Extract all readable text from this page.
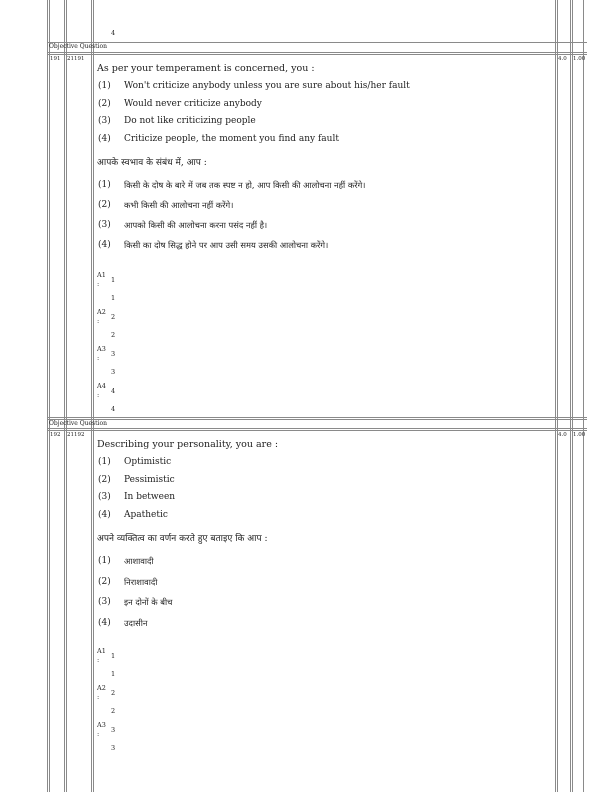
4
Objective Question
191 21191	4.0 1.00
As per your temperament is concerned, you :
(1) Won't criticize anybody unless you are sure about his/her fault
(2) Would never criticize anybody
(3) Do not like criticizing people
(4) Criticize people, the moment you find any fault
आपके स्वभाव के संबंध में, आप :
(1) किसी के दोष के बारे में जब तक स्पष्ट न हो, आप किसी की आलोचना नहीं करेंगे।
(2) कभी किसी की आलोचना नहीं करेंगे।
(3) आपको किसी की आलोचना करना पसंद नहीं है।
(4) किसी का दोष सिद्ध होने पर आप उसी समय उसकी आलोचना करेंगे।
A1
: 1
1
A2
: 2
2
A3
: 3
3
A4
: 4
4
Objective Question
192 21192	4.0 1.00
Describing your personality, you are :
(1) Optimistic
(2) Pessimistic
(3) In between
(4) Apathetic
अपने व्यक्तित्व का वर्णन करते हुए बताइए कि आप :
(1) आशावादी
(2) निराशावादी
(3) इन दोनों के बीच
(4) उदासीन
A1
: 1
1
A2
: 2
2
A3
: 3
3
